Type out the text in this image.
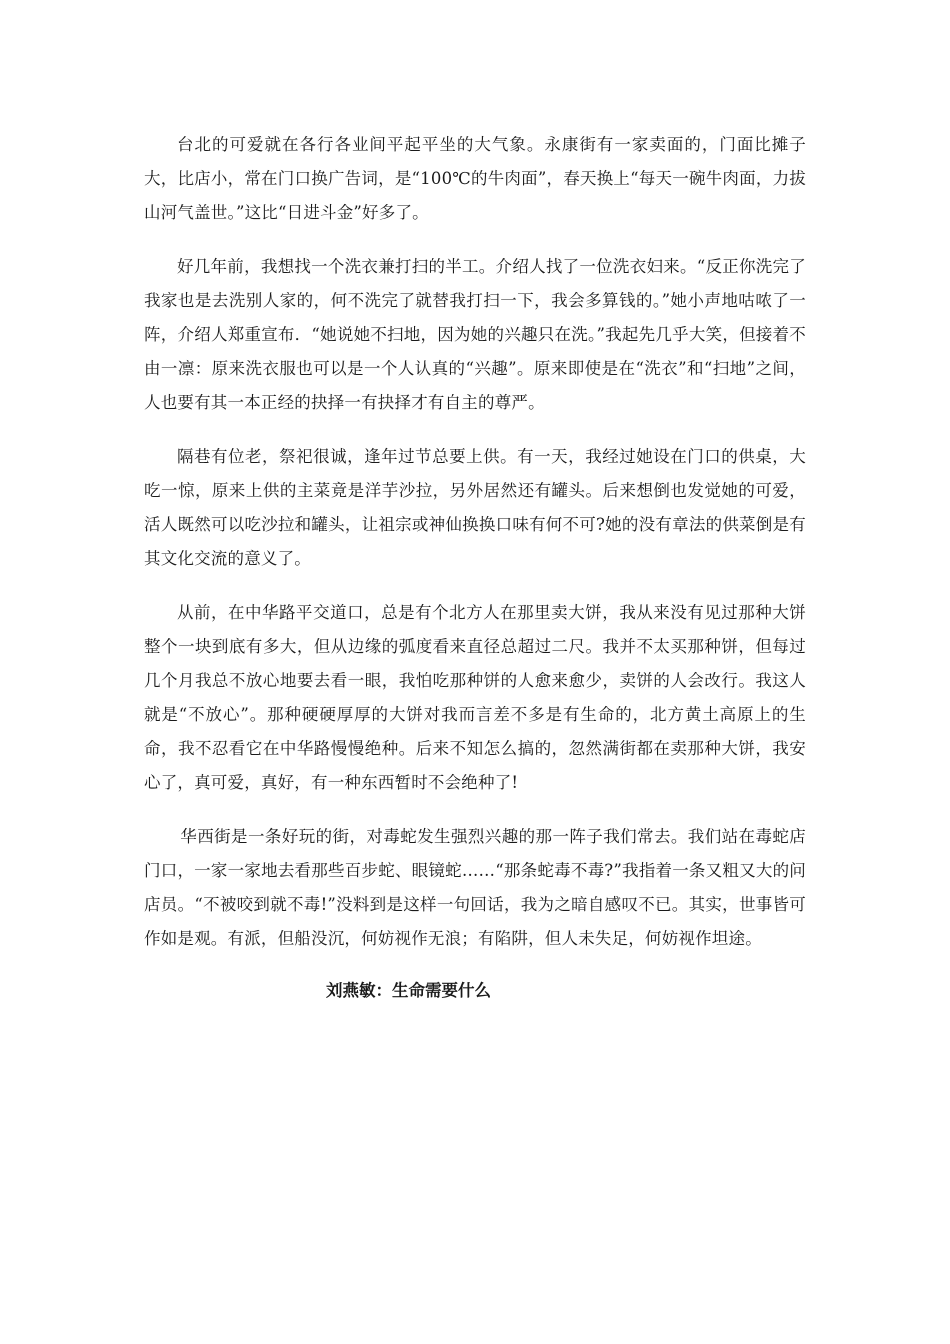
台北的可爱就在各行各业间平起平坐的大气象。永康街有一家卖面的，门面比摊子大，比店小，常在门口换广告词，是“100℃的牛肉面”，春天换上“每天一碗牛肉面，力拔山河气盖世。”这比“日进斗金”好多了。

好几年前，我想找一个洗衣兼打扫的半工。介绍人找了一位洗衣妇来。“反正你洗完了我家也是去洗别人家的，何不洗完了就替我打扫一下，我会多算钱的。”她小声地咕哝了一阵，介绍人郑重宣布．“她说她不扫地，因为她的兴趣只在洗。”我起先几乎大笑，但接着不由一凛：原来洗衣服也可以是一个人认真的“兴趣”。原来即使是在“洗衣”和“扫地”之间，人也要有其一本正经的抉择一有抉择才有自主的尊严。

隔巷有位老，祭祀很诚，逢年过节总要上供。有一天，我经过她设在门口的供桌，大吃一惊，原来上供的主菜竟是洋芋沙拉，另外居然还有罐头。后来想倒也发觉她的可爱，活人既然可以吃沙拉和罐头，让祖宗或神仙换换口味有何不可?她的没有章法的供菜倒是有其文化交流的意义了。

从前，在中华路平交道口，总是有个北方人在那里卖大饼，我从来没有见过那种大饼整个一块到底有多大，但从边缘的弧度看来直径总超过二尺。我并不太买那种饼，但每过几个月我总不放心地要去看一眼，我怕吃那种饼的人愈来愈少，卖饼的人会改行。我这人就是“不放心”。那种硬硬厚厚的大饼对我而言差不多是有生命的，北方黄土高原上的生命，我不忍看它在中华路慢慢绝种。后来不知怎么搞的，忽然满街都在卖那种大饼，我安心了，真可爱，真好，有一种东西暂时不会绝种了!

华西街是一条好玩的街，对毒蛇发生强烈兴趣的那一阵子我们常去。我们站在毒蛇店门口，一家一家地去看那些百步蛇、眼镜蛇……“那条蛇毒不毒?”我指着一条又粗又大的问店员。“不被咬到就不毒!”没料到是这样一句回话，我为之暗自感叹不已。其实，世事皆可作如是观。有派，但船没沉，何妨视作无浪；有陷阱，但人未失足，何妨视作坦途。

刘燕敏：生命需要什么
